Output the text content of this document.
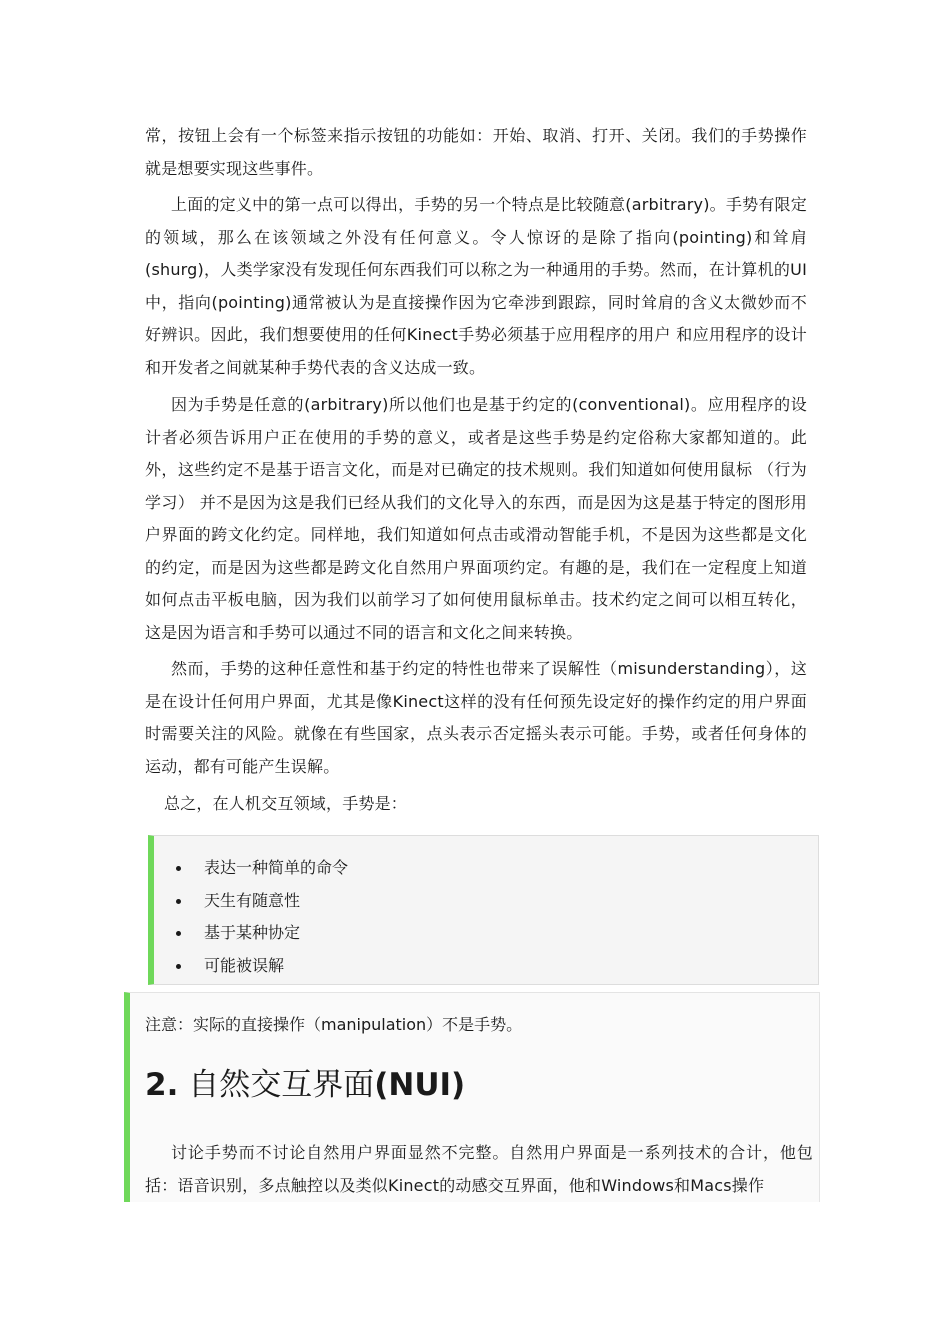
常，按钮上会有一个标签来指示按钮的功能如：开始、取消、打开、关闭。我们的手势操作就是想要实现这些事件。

上面的定义中的第一点可以得出，手势的另一个特点是比较随意(arbitrary)。手势有限定的领域，那么在该领域之外没有任何意义。令人惊讶的是除了指向(pointing)和耸肩(shurg)，人类学家没有发现任何东西我们可以称之为一种通用的手势。然而，在计算机的UI中，指向(pointing)通常被认为是直接操作因为它牵涉到跟踪，同时耸肩的含义太微妙而不好辨识。因此，我们想要使用的任何Kinect手势必须基于应用程序的用户 和应用程序的设计和开发者之间就某种手势代表的含义达成一致。

因为手势是任意的(arbitrary)所以他们也是基于约定的(conventional)。应用程序的设计者必须告诉用户正在使用的手势的意义，或者是这些手势是约定俗称大家都知道的。此外，这些约定不是基于语言文化，而是对已确定的技术规则。我们知道如何使用鼠标 （行为学习） 并不是因为这是我们已经从我们的文化导入的东西，而是因为这是基于特定的图形用户界面的跨文化约定。同样地，我们知道如何点击或滑动智能手机，不是因为这些都是文化的约定，而是因为这些都是跨文化自然用户界面项约定。有趣的是，我们在一定程度上知道如何点击平板电脑，因为我们以前学习了如何使用鼠标单击。技术约定之间可以相互转化，这是因为语言和手势可以通过不同的语言和文化之间来转换。

然而，手势的这种任意性和基于约定的特性也带来了误解性（misunderstanding），这是在设计任何用户界面，尤其是像Kinect这样的没有任何预先设定好的操作约定的用户界面时需要关注的风险。就像在有些国家，点头表示否定摇头表示可能。手势，或者任何身体的运动，都有可能产生误解。

总之，在人机交互领域，手势是：

表达一种简单的命令
天生有随意性
基于某种协定
可能被误解
注意：实际的直接操作（manipulation）不是手势。
2. 自然交互界面(NUI)

讨论手势而不讨论自然用户界面显然不完整。自然用户界面是一系列技术的合计，他包括：语音识别，多点触控以及类似Kinect的动感交互界面，他和Windows和Macs操作
